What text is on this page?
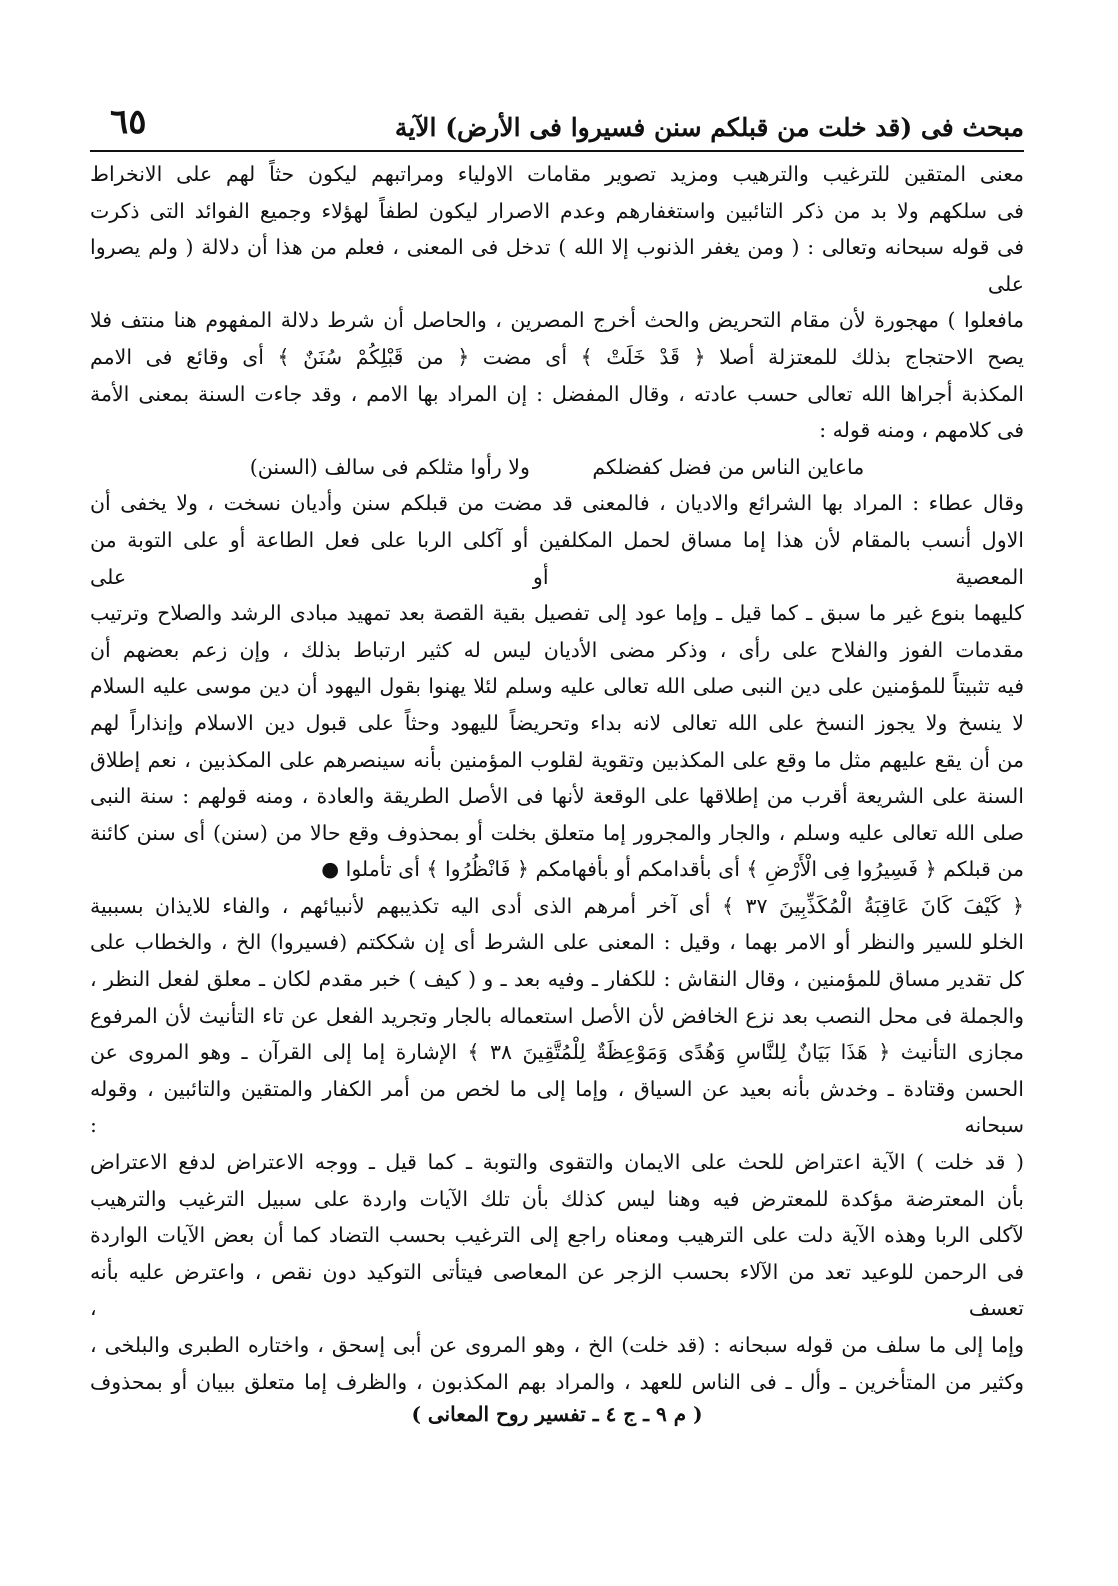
مبحث فى (قد خلت من قبلكم سنن فسيروا فى الأرض) الآية
٦٥

معنى المتقين للترغيب والترهيب ومزيد تصوير مقامات الاولياء ومراتبهم ليكون حثاً لهم على الانخراط

فى سلكهم ولا بد من ذكر التائبين واستغفارهم وعدم الاصرار ليكون لطفاً لهؤلاء وجميع الفوائد التى ذكرت

فى قوله سبحانه وتعالى : ( ومن يغفر الذنوب إلا الله ) تدخل فى المعنى ، فعلم من هذا أن دلالة ( ولم يصروا على

مافعلوا ) مهجورة لأن مقام التحريض والحث أخرج المصرين ، والحاصل أن شرط دلالة المفهوم هنا منتف فلا

يصح الاحتجاج بذلك للمعتزلة أصلا ﴿ قَدْ خَلَتْ ﴾ أى مضت ﴿ من قَبْلِكُمْ سُنَنٌ ﴾ أى وقائع فى الامم

المكذبة أجراها الله تعالى حسب عادته ، وقال المفضل : إن المراد بها الامم ، وقد جاءت السنة بمعنى الأمة

فى كلامهم ، ومنه قوله :

ماعاين الناس من فضل كفضلكم ولا رأوا مثلكم فى سالف (السنن)

وقال عطاء : المراد بها الشرائع والاديان ، فالمعنى قد مضت من قبلكم سنن وأديان نسخت ، ولا يخفى أن

الاول أنسب بالمقام لأن هذا إما مساق لحمل المكلفين أو آكلى الربا على فعل الطاعة أو على التوبة من المعصية أو على

كليهما بنوع غير ما سبق ـ كما قيل ـ وإما عود إلى تفصيل بقية القصة بعد تمهيد مبادى الرشد والصلاح وترتيب

مقدمات الفوز والفلاح على رأى ، وذكر مضى الأديان ليس له كثير ارتباط بذلك ، وإن زعم بعضهم أن

فيه تثبيتاً للمؤمنين على دين النبى صلى الله تعالى عليه وسلم لئلا يهنوا بقول اليهود أن دين موسى عليه السلام

لا ينسخ ولا يجوز النسخ على الله تعالى لانه بداء وتحريضاً لليهود وحثاً على قبول دين الاسلام وإنذاراً لهم

من أن يقع عليهم مثل ما وقع على المكذبين وتقوية لقلوب المؤمنين بأنه سينصرهم على المكذبين ، نعم إطلاق

السنة على الشريعة أقرب من إطلاقها على الوقعة لأنها فى الأصل الطريقة والعادة ، ومنه قولهم : سنة النبى

صلى الله تعالى عليه وسلم ، والجار والمجرور إما متعلق بخلت أو بمحذوف وقع حالا من (سنن) أى سنن كائنة

من قبلكم ﴿ فَسِيرُوا فِى الْأَرْضِ ﴾ أى بأقدامكم أو بأفهامكم ﴿ فَانْظُرُوا ﴾ أى تأملوا ●

﴿ كَيْفَ كَانَ عَاقِبَةُ الْمُكَذِّبِينَ ٣٧ ﴾ أى آخر أمرهم الذى أدى اليه تكذيبهم لأنبيائهم ، والفاء للايذان بسببية

الخلو للسير والنظر أو الامر بهما ، وقيل : المعنى على الشرط أى إن شككتم (فسيروا) الخ ، والخطاب على

كل تقدير مساق للمؤمنين ، وقال النقاش : للكفار ـ وفيه بعد ـ و ( كيف ) خبر مقدم لكان ـ معلق لفعل النظر ،

والجملة فى محل النصب بعد نزع الخافض لأن الأصل استعماله بالجار وتجريد الفعل عن تاء التأنيث لأن المرفوع

مجازى التأنيث ﴿ هَذَا بَيَانٌ لِلنَّاسِ وَهُدًى وَمَوْعِظَةٌ لِلْمُتَّقِينَ ٣٨ ﴾ الإشارة إما إلى القرآن ـ وهو المروى عن

الحسن وقتادة ـ وخدش بأنه بعيد عن السياق ، وإما إلى ما لخص من أمر الكفار والمتقين والتائبين ، وقوله سبحانه :

( قد خلت ) الآية اعتراض للحث على الايمان والتقوى والتوبة ـ كما قيل ـ ووجه الاعتراض لدفع الاعتراض

بأن المعترضة مؤكدة للمعترض فيه وهنا ليس كذلك بأن تلك الآيات واردة على سبيل الترغيب والترهيب

لآكلى الربا وهذه الآية دلت على الترهيب ومعناه راجع إلى الترغيب بحسب التضاد كما أن بعض الآيات الواردة

فى الرحمن للوعيد تعد من الآلاء بحسب الزجر عن المعاصى فيتأتى التوكيد دون نقص ، واعترض عليه بأنه تعسف ،

وإما إلى ما سلف من قوله سبحانه : (قد خلت) الخ ، وهو المروى عن أبى إسحق ، واختاره الطبرى والبلخى ،

وكثير من المتأخرين ـ وأل ـ فى الناس للعهد ، والمراد بهم المكذبون ، والظرف إما متعلق ببيان أو بمحذوف

( م ٩ ـ ج ٤ ـ تفسير روح المعانى )
